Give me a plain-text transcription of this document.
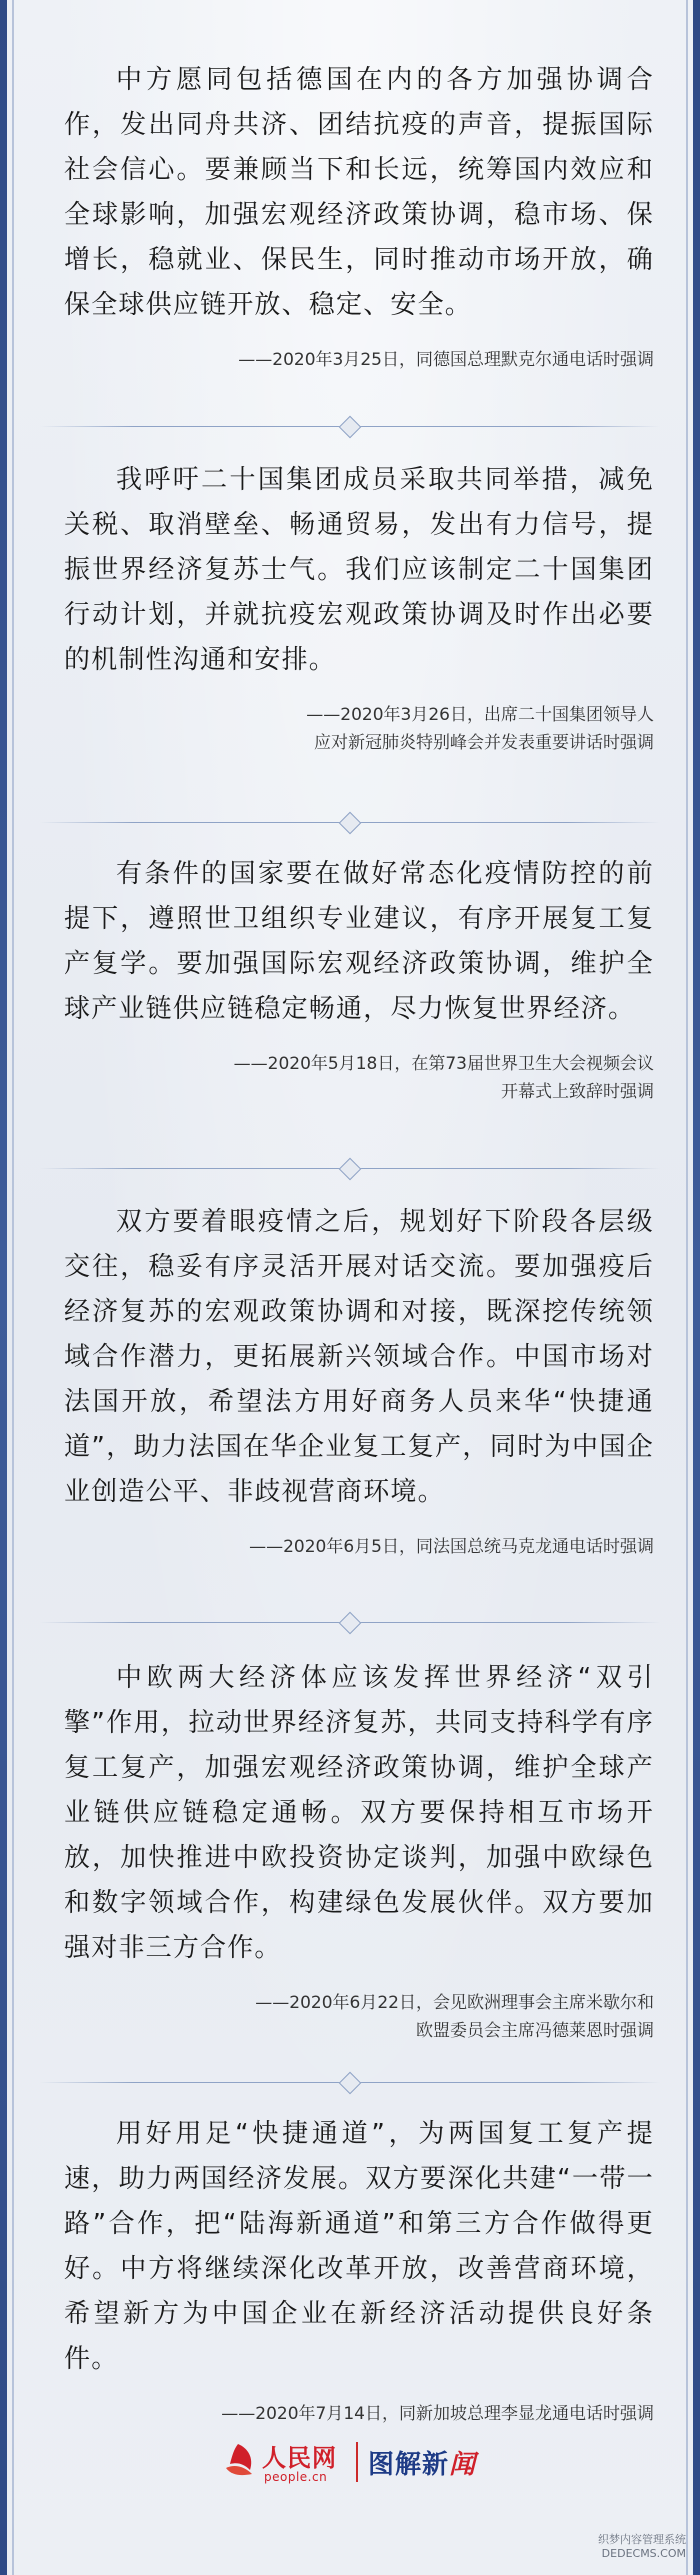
中方愿同包括德国在内的各方加强协调合作，发出同舟共济、团结抗疫的声音，提振国际社会信心。要兼顾当下和长远，统筹国内效应和全球影响，加强宏观经济政策协调，稳市场、保增长，稳就业、保民生，同时推动市场开放，确保全球供应链开放、稳定、安全。

——2020年3月25日，同德国总理默克尔通电话时强调

我呼吁二十国集团成员采取共同举措，减免关税、取消壁垒、畅通贸易，发出有力信号，提振世界经济复苏士气。我们应该制定二十国集团行动计划，并就抗疫宏观政策协调及时作出必要的机制性沟通和安排。

——2020年3月26日，出席二十国集团领导人
应对新冠肺炎特别峰会并发表重要讲话时强调

有条件的国家要在做好常态化疫情防控的前提下，遵照世卫组织专业建议，有序开展复工复产复学。要加强国际宏观经济政策协调，维护全球产业链供应链稳定畅通，尽力恢复世界经济。

——2020年5月18日，在第73届世界卫生大会视频会议
开幕式上致辞时强调

双方要着眼疫情之后，规划好下阶段各层级交往，稳妥有序灵活开展对话交流。要加强疫后经济复苏的宏观政策协调和对接，既深挖传统领域合作潜力，更拓展新兴领域合作。中国市场对法国开放，希望法方用好商务人员来华“快捷通道”，助力法国在华企业复工复产，同时为中国企业创造公平、非歧视营商环境。

——2020年6月5日，同法国总统马克龙通电话时强调

中欧两大经济体应该发挥世界经济“双引擎”作用，拉动世界经济复苏，共同支持科学有序复工复产，加强宏观经济政策协调，维护全球产业链供应链稳定通畅。双方要保持相互市场开放，加快推进中欧投资协定谈判，加强中欧绿色和数字领域合作，构建绿色发展伙伴。双方要加强对非三方合作。

——2020年6月22日，会见欧洲理事会主席米歇尔和
欧盟委员会主席冯德莱恩时强调

用好用足“快捷通道”，为两国复工复产提速，助力两国经济发展。双方要深化共建“一带一路”合作，把“陆海新通道”和第三方合作做得更好。中方将继续深化改革开放，改善营商环境，希望新方为中国企业在新经济活动提供良好条件。

——2020年7月14日，同新加坡总理李显龙通电话时强调
人民网
people.cn 图解新闻
织梦内容管理系统
DEDECMS.COM
